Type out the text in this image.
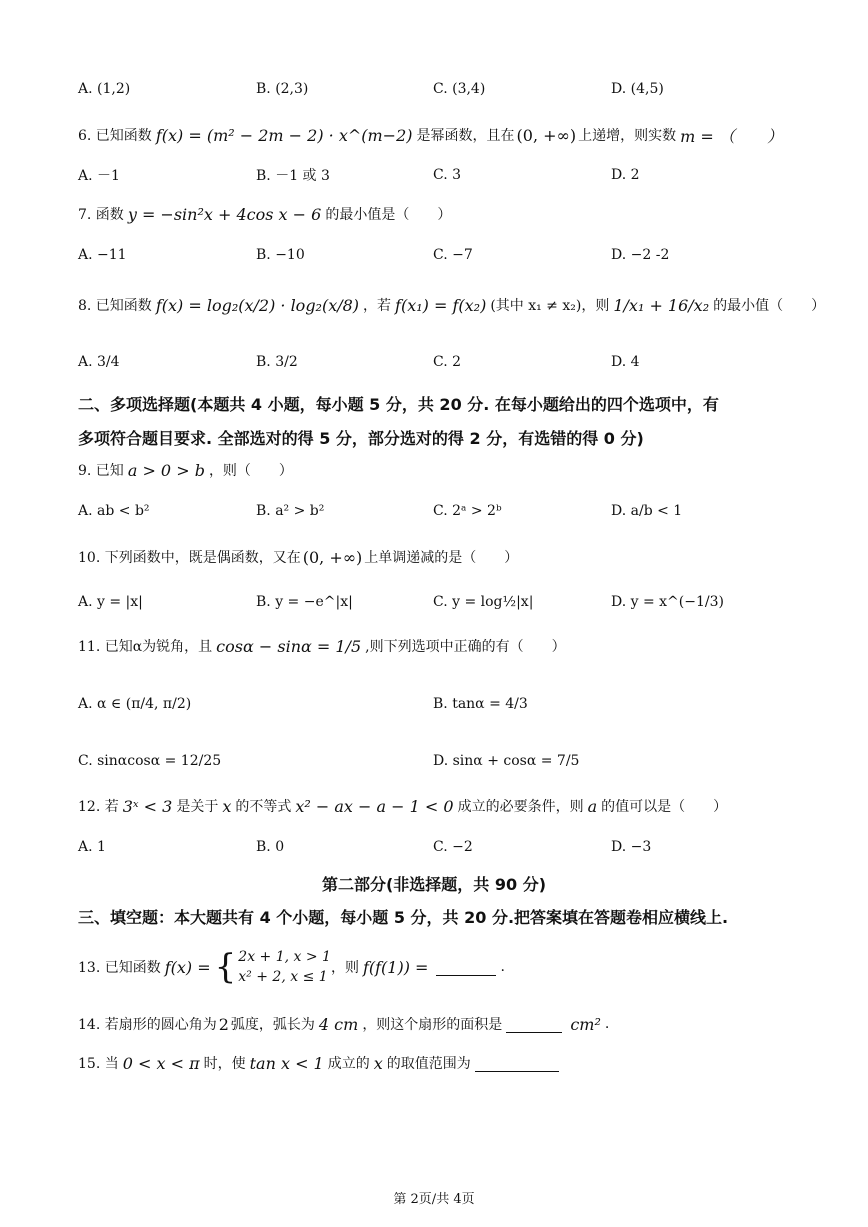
A. (1,2)	B. (2,3)	C. (3,4)	D. (4,5)
6. 已知函数 f(x) = (m² − 2m − 2) · x^(m−2) 是幂函数，且在 (0, +∞) 上递增，则实数 m = （　　）
A. －1	B. －1 或 3	C. 3	D. 2
7. 函数 y = −sin²x + 4cos x − 6 的最小值是（　　）
A. −11	B. −10	C. −7	D. −2 -2
8. 已知函数 f(x) = log₂(x/2) · log₂(x/8) ，若 f(x₁) = f(x₂) (其中 x₁ ≠ x₂) ，则 1/x₁ + 16/x₂ 的最小值（　　）
A. 3/4	B. 3/2	C. 2	D. 4
二、多项选择题(本题共 4 小题，每小题 5 分，共 20 分. 在每小题给出的四个选项中，有
多项符合题目要求. 全部选对的得 5 分，部分选对的得 2 分，有选错的得 0 分)
9. 已知 a > 0 > b ，则（　　）
A. ab < b²	B. a² > b²	C. 2ᵃ > 2ᵇ	D. a/b < 1
10. 下列函数中，既是偶函数，又在 (0, +∞) 上单调递减的是（　　）
A. y = |x|	B. y = −e^|x|	C. y = log½|x|	D. y = x^(−1/3)
11. 已知α为锐角，且 cosα − sinα = 1/5 ,则下列选项中正确的有（　　）
A. α ∈ (π/4, π/2)	B. tanα = 4/3
C. sinαcosα = 12/25	D. sinα + cosα = 7/5
12. 若 3ˣ < 3 是关于 x 的不等式 x² − ax − a − 1 < 0 成立的必要条件，则 a 的值可以是（　　）
A. 1	B. 0	C. −2	D. −3
第二部分(非选择题，共 90 分)
三、填空题：本大题共有 4 个小题，每小题 5 分，共 20 分.把答案填在答题卷相应横线上.
13. 已知函数 f(x) = { 2x + 1, x > 1
x² + 2, x ≤ 1
，则 f(f(1)) =	.
14. 若扇形的圆心角为 2 弧度，弧长为 4 cm ，则这个扇形的面积是	cm² .
15. 当 0 < x < π 时，使 tan x < 1 成立的 x 的取值范围为
第 2页/共 4页
